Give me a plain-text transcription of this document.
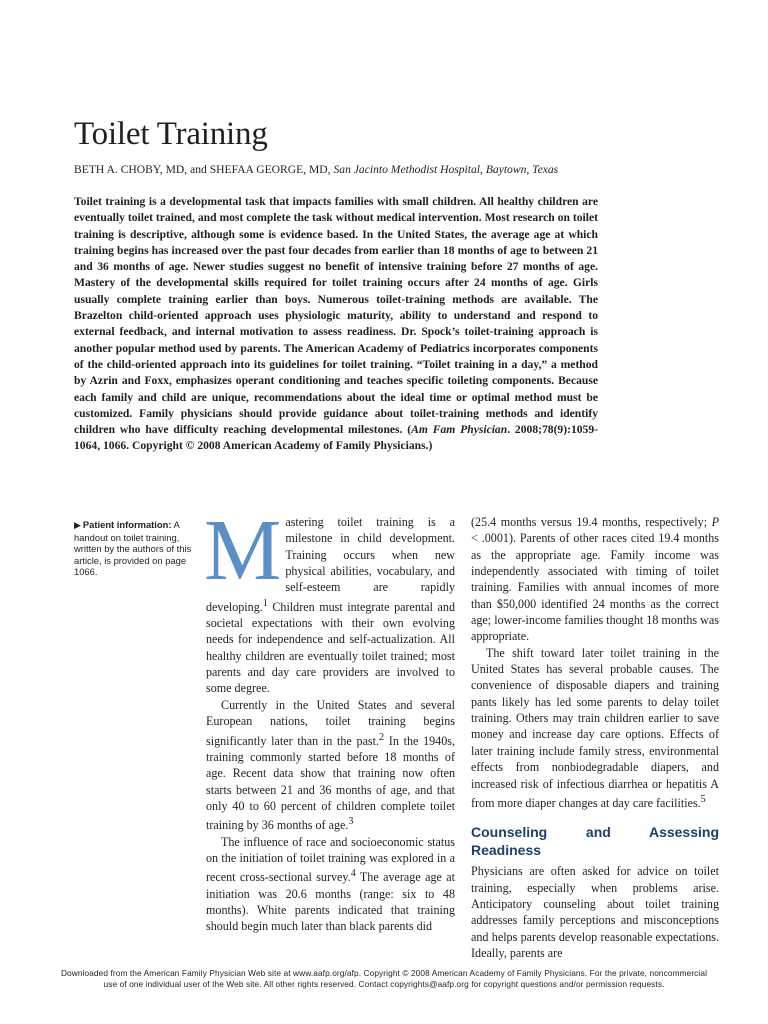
Toilet Training

BETH A. CHOBY, MD, and SHEFAA GEORGE, MD, San Jacinto Methodist Hospital, Baytown, Texas

Toilet training is a developmental task that impacts families with small children. All healthy children are eventually toilet trained, and most complete the task without medical intervention. Most research on toilet training is descriptive, although some is evidence based. In the United States, the average age at which training begins has increased over the past four decades from earlier than 18 months of age to between 21 and 36 months of age. Newer studies suggest no benefit of intensive training before 27 months of age. Mastery of the developmental skills required for toilet training occurs after 24 months of age. Girls usually complete training earlier than boys. Numerous toilet-training methods are available. The Brazelton child-oriented approach uses physiologic maturity, ability to understand and respond to external feedback, and internal motivation to assess readiness. Dr. Spock’s toilet-training approach is another popular method used by parents. The American Academy of Pediatrics incorporates components of the child-oriented approach into its guidelines for toilet training. “Toilet training in a day,” a method by Azrin and Foxx, emphasizes operant conditioning and teaches specific toileting components. Because each family and child are unique, recommendations about the ideal time or optimal method must be customized. Family physicians should provide guidance about toilet-training methods and identify children who have difficulty reaching developmental milestones. (Am Fam Physician. 2008;78(9):1059-1064, 1066. Copyright © 2008 American Academy of Family Physicians.)

▶ Patient information: A handout on toilet training, written by the authors of this article, is provided on page 1066.	Mastering toilet training is a milestone in child development. Training occurs when new physical abilities, vocabulary, and self-esteem are rapidly developing.$^1$ Children must integrate parental and societal expectations with their own evolving needs for independence and self-actualization. All healthy children are eventually toilet trained; most parents and day care providers are involved to some degree.

Currently in the United States and several European nations, toilet training begins significantly later than in the past.$^2$ In the 1940s, training commonly started before 18 months of age. Recent data show that training now often starts between 21 and 36 months of age, and that only 40 to 60 percent of children complete toilet training by 36 months of age.$^3$

The influence of race and socioeconomic status on the initiation of toilet training was explored in a recent cross-sectional survey.$^4$ The average age at initiation was 20.6 months (range: six to 48 months). White parents indicated that training should begin much later than black parents did

(25.4 months versus 19.4 months, respectively; P < .0001). Parents of other races cited 19.4 months as the appropriate age. Family income was independently associated with timing of toilet training. Families with annual incomes of more than $50,000 identified 24 months as the correct age; lower-income families thought 18 months was appropriate.

The shift toward later toilet training in the United States has several probable causes. The convenience of disposable diapers and training pants likely has led some parents to delay toilet training. Others may train children earlier to save money and increase day care options. Effects of later training include family stress, environmental effects from nonbiodegradable diapers, and increased risk of infectious diarrhea or hepatitis A from more diaper changes at day care facilities.$^5$

Counseling and Assessing Readiness

Physicians are often asked for advice on toilet training, especially when problems arise. Anticipatory counseling about toilet training addresses family perceptions and misconceptions and helps parents develop reasonable expectations. Ideally, parents are

Downloaded from the American Family Physician Web site at www.aafp.org/afp. Copyright © 2008 American Academy of Family Physicians. For the private, noncommercial
use of one individual user of the Web site. All other rights reserved. Contact copyrights@aafp.org for copyright questions and/or permission requests.
